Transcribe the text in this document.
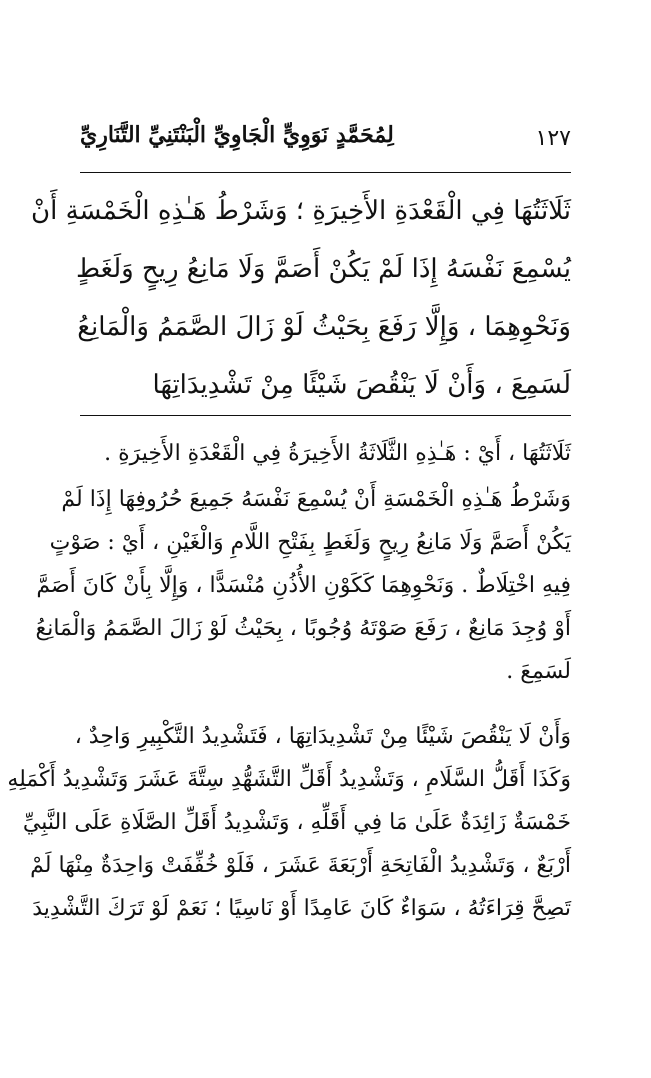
١٢٧
لِمُحَمَّدٍ نَوَوِيٍّ الْجَاوِيِّ الْبَنْتَنِيِّ التَّنَارِيِّ
ثَلَاثَتُهَا فِي الْقَعْدَةِ الأَخِيرَةِ ؛ وَشَرْطُ هَـٰذِهِ الْخَمْسَةِ أَنْ
يُسْمِعَ نَفْسَهُ إِذَا لَمْ يَكُنْ أَصَمَّ وَلَا مَانِعُ رِيحٍ وَلَغَطٍ
وَنَحْوِهِمَا ، وَإِلَّا رَفَعَ بِحَيْثُ لَوْ زَالَ الصَّمَمُ وَالْمَانِعُ
لَسَمِعَ ، وَأَنْ لَا يَنْقُصَ شَيْئًا مِنْ تَشْدِيدَاتِهَا
ثَلَاثَتُهَا ، أَيْ : هَـٰذِهِ الثَّلَاثَةُ الأَخِيرَةُ فِي الْقَعْدَةِ الأَخِيرَةِ .
وَشَرْطُ هَـٰذِهِ الْخَمْسَةِ أَنْ يُسْمِعَ نَفْسَهُ جَمِيعَ حُرُوفِهَا إِذَا لَمْ
يَكُنْ أَصَمَّ وَلَا مَانِعُ رِيحٍ وَلَغَطٍ بِفَتْحِ اللَّامِ وَالْغَيْنِ ، أَيْ : صَوْتٍ
فِيهِ اخْتِلَاطٌ . وَنَحْوِهِمَا كَكَوْنِ الأُذُنِ مُنْسَدًّا ، وَإِلَّا بِأَنْ كَانَ أَصَمَّ
أَوْ وُجِدَ مَانِعٌ ، رَفَعَ صَوْتَهُ وُجُوبًا ، بِحَيْثُ لَوْ زَالَ الصَّمَمُ وَالْمَانِعُ
لَسَمِعَ .
وَأَنْ لَا يَنْقُصَ شَيْئًا مِنْ تَشْدِيدَاتِهَا ، فَتَشْدِيدُ التَّكْبِيرِ وَاحِدٌ ،
وَكَذَا أَقَلُّ السَّلَامِ ، وَتَشْدِيدُ أَقَلِّ التَّشَهُّدِ سِتَّةَ عَشَرَ وَتَشْدِيدُ أَكْمَلِهِ
خَمْسَةٌ زَائِدَةٌ عَلَىٰ مَا فِي أَقَلِّهِ ، وَتَشْدِيدُ أَقَلِّ الصَّلَاةِ عَلَى النَّبِيِّ
أَرْبَعٌ ، وَتَشْدِيدُ الْفَاتِحَةِ أَرْبَعَةَ عَشَرَ ، فَلَوْ خُفِّفَتْ وَاحِدَةٌ مِنْهَا لَمْ
تَصِحَّ قِرَاءَتُهُ ، سَوَاءٌ كَانَ عَامِدًا أَوْ نَاسِيًا ؛ نَعَمْ لَوْ تَرَكَ التَّشْدِيدَ
